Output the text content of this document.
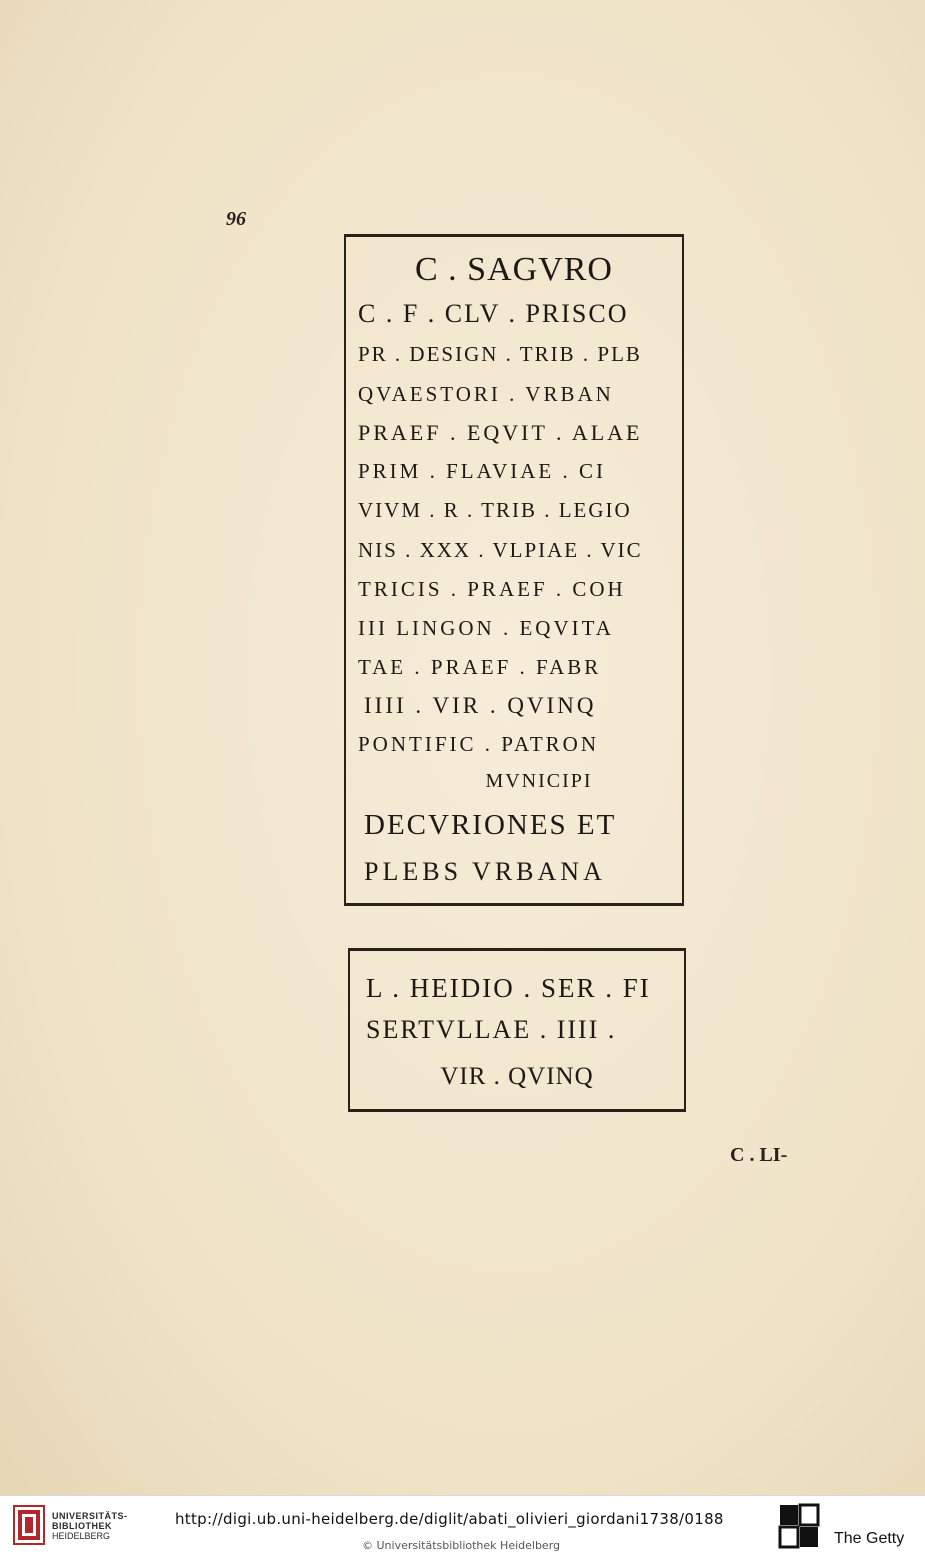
96
C . SAGVRO
C . F . CLV . PRISCO
PR . DESIGN . TRIB . PLB
QVAESTORI . VRBAN
PRAEF . EQVIT . ALAE
PRIM . FLAVIAE . CI
VIVM . R . TRIB . LEGIO
NIS . XXX . VLPIAE . VIC
TRICIS . PRAEF . COH
III LINGON . EQVITA
TAE . PRAEF . FABR
IIII . VIR . QVINQ
PONTIFIC . PATRON
MVNICIPI
DECVRIONES ET
PLEBS VRBANA
L . HEIDIO . SER . FI
SERTVLLAE . IIII .
VIR . QVINQ
C . LI-
UNIVERSITÄTS-
BIBLIOTHEK
HEIDELBERG
http://digi.ub.uni-heidelberg.de/diglit/abati_olivieri_giordani1738/0188
© Universitätsbibliothek Heidelberg	The Getty
